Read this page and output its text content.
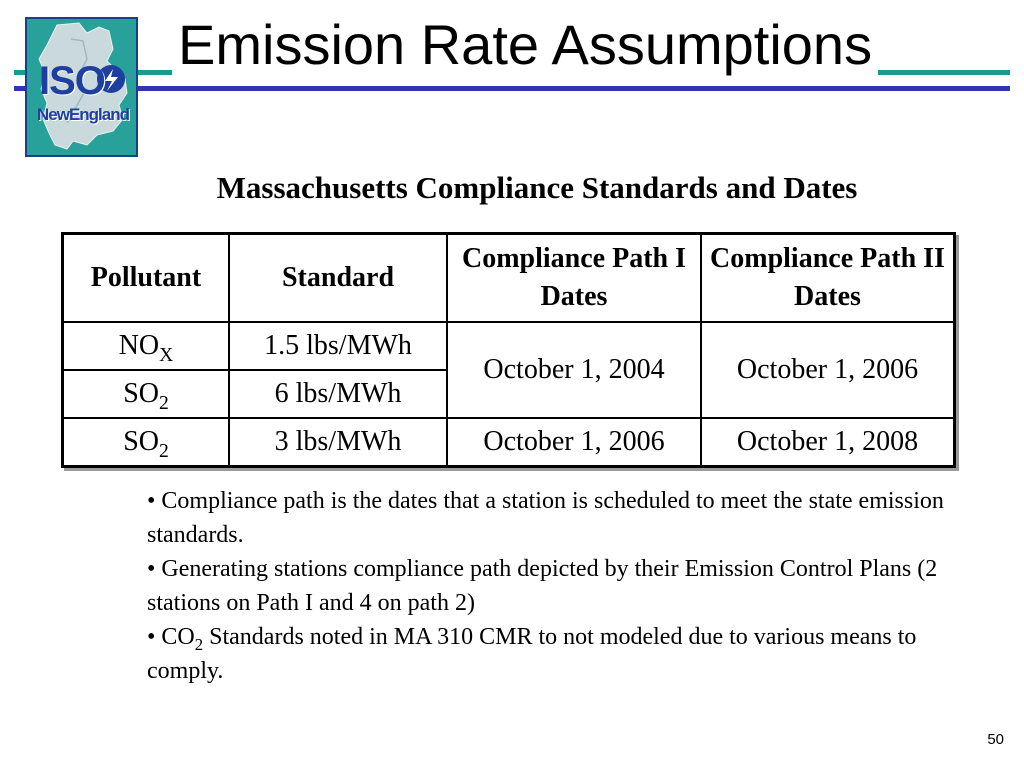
ISO
NewEngland
Emission Rate Assumptions
Massachusetts Compliance Standards and Dates
Pollutant	Standard	Compliance Path I Dates	Compliance Path II Dates
$NO_X$	1.5 lbs/MWh	October 1, 2004	October 1, 2006
$SO_2$	6 lbs/MWh		
$SO_2$	3 lbs/MWh	October 1, 2006	October 1, 2008

• Compliance path is the dates that a station is scheduled to meet the state emission standards.

• Generating stations compliance path depicted by their Emission Control Plans (2 stations on Path I and 4 on path 2)

• $CO_2$ Standards noted in MA 310 CMR to not modeled due to various means to comply.

50
